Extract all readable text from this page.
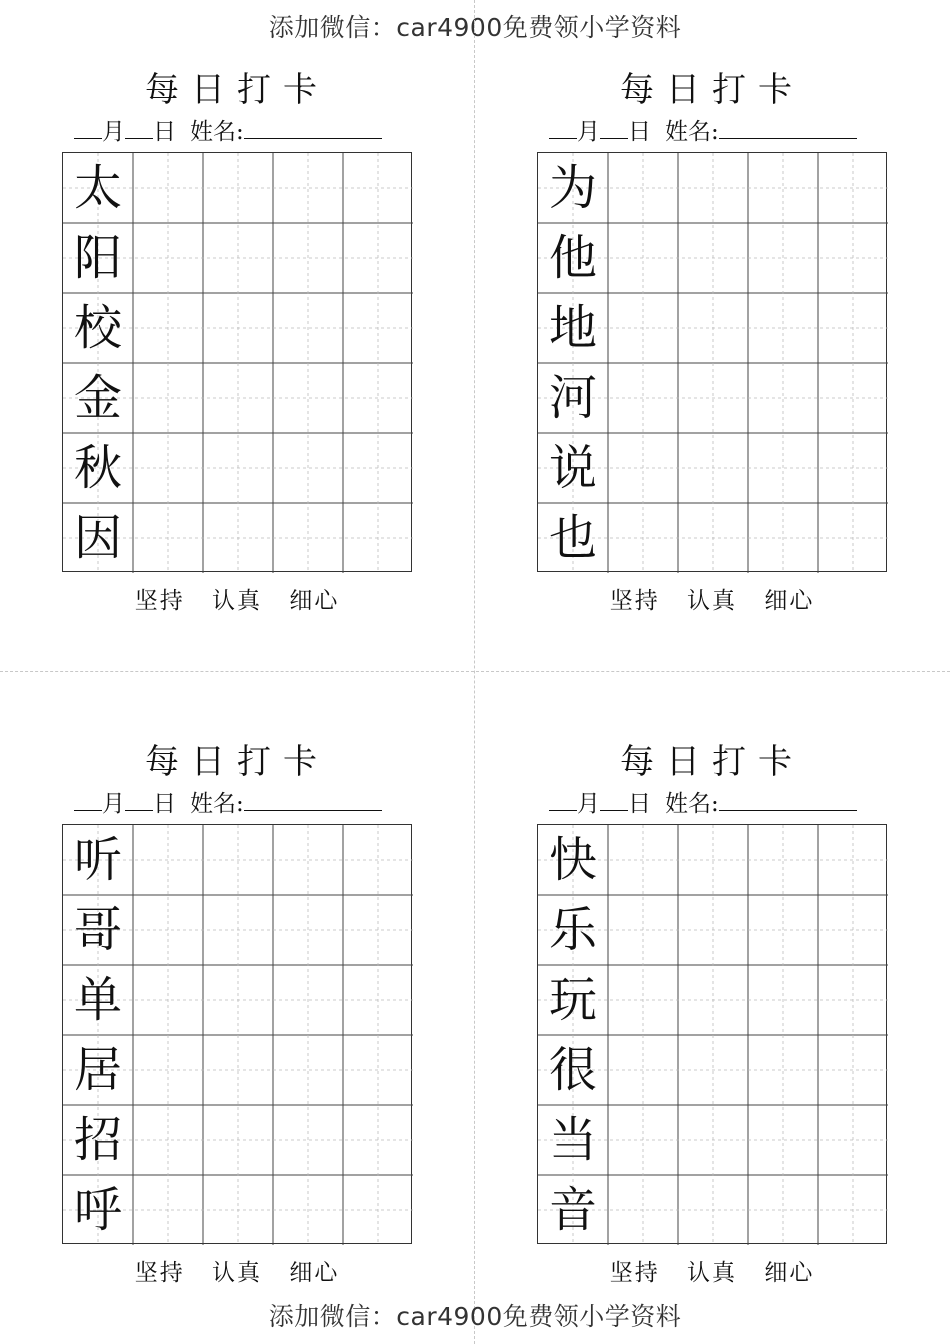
添加微信：car4900免费领小学资料
每日打卡
月 日 姓名:
太
阳
校
金
秋
因
坚持 认真 细心
每日打卡
月 日 姓名:
为
他
地
河
说
也
坚持 认真 细心
每日打卡
月 日 姓名:
听
哥
单
居
招
呼
坚持 认真 细心
每日打卡
月 日 姓名:
快
乐
玩
很
当
音
坚持 认真 细心
添加微信：car4900免费领小学资料
